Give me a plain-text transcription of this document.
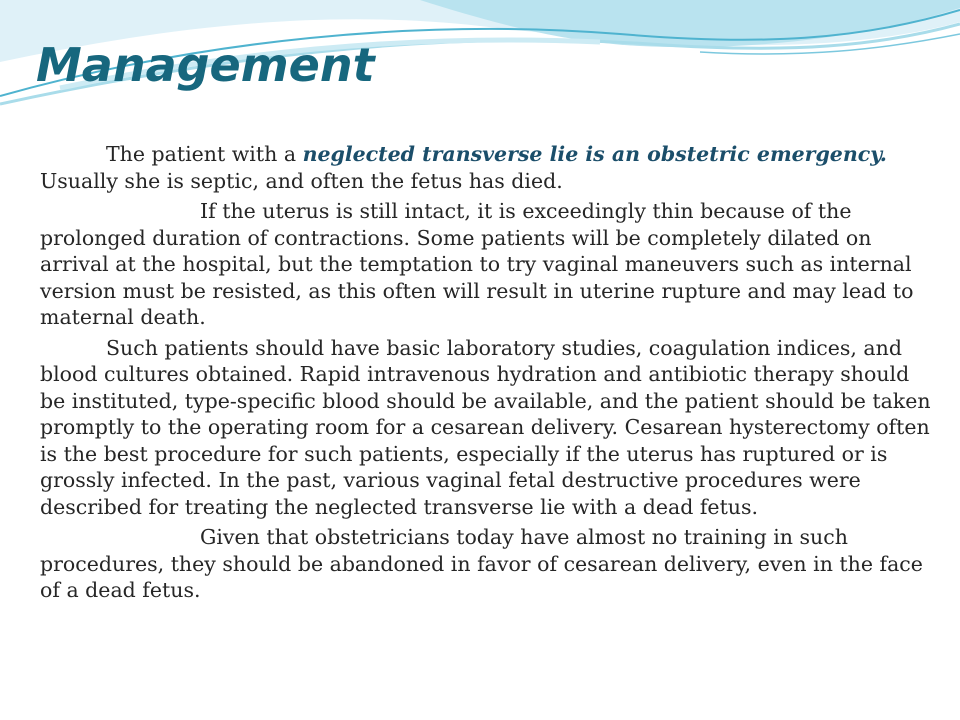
Management

The patient with a neglected transverse lie is an obstetric emergency. Usually she is septic, and often the fetus has died.

If the uterus is still intact, it is exceedingly thin because of the prolonged duration of contractions. Some patients will be completely dilated on arrival at the hospital, but the temptation to try vaginal maneuvers such as internal version must be resisted, as this often will result in uterine rupture and may lead to maternal death.

Such patients should have basic laboratory studies, coagulation indices, and blood cultures obtained. Rapid intravenous hydration and antibiotic therapy should be instituted, type-specific blood should be available, and the patient should be taken promptly to the operating room for a cesarean delivery. Cesarean hysterectomy often is the best procedure for such patients, especially if the uterus has ruptured or is grossly infected. In the past, various vaginal fetal destructive procedures were described for treating the neglected transverse lie with a dead fetus.

Given that obstetricians today have almost no training in such procedures, they should be abandoned in favor of cesarean delivery, even in the face of a dead fetus.
